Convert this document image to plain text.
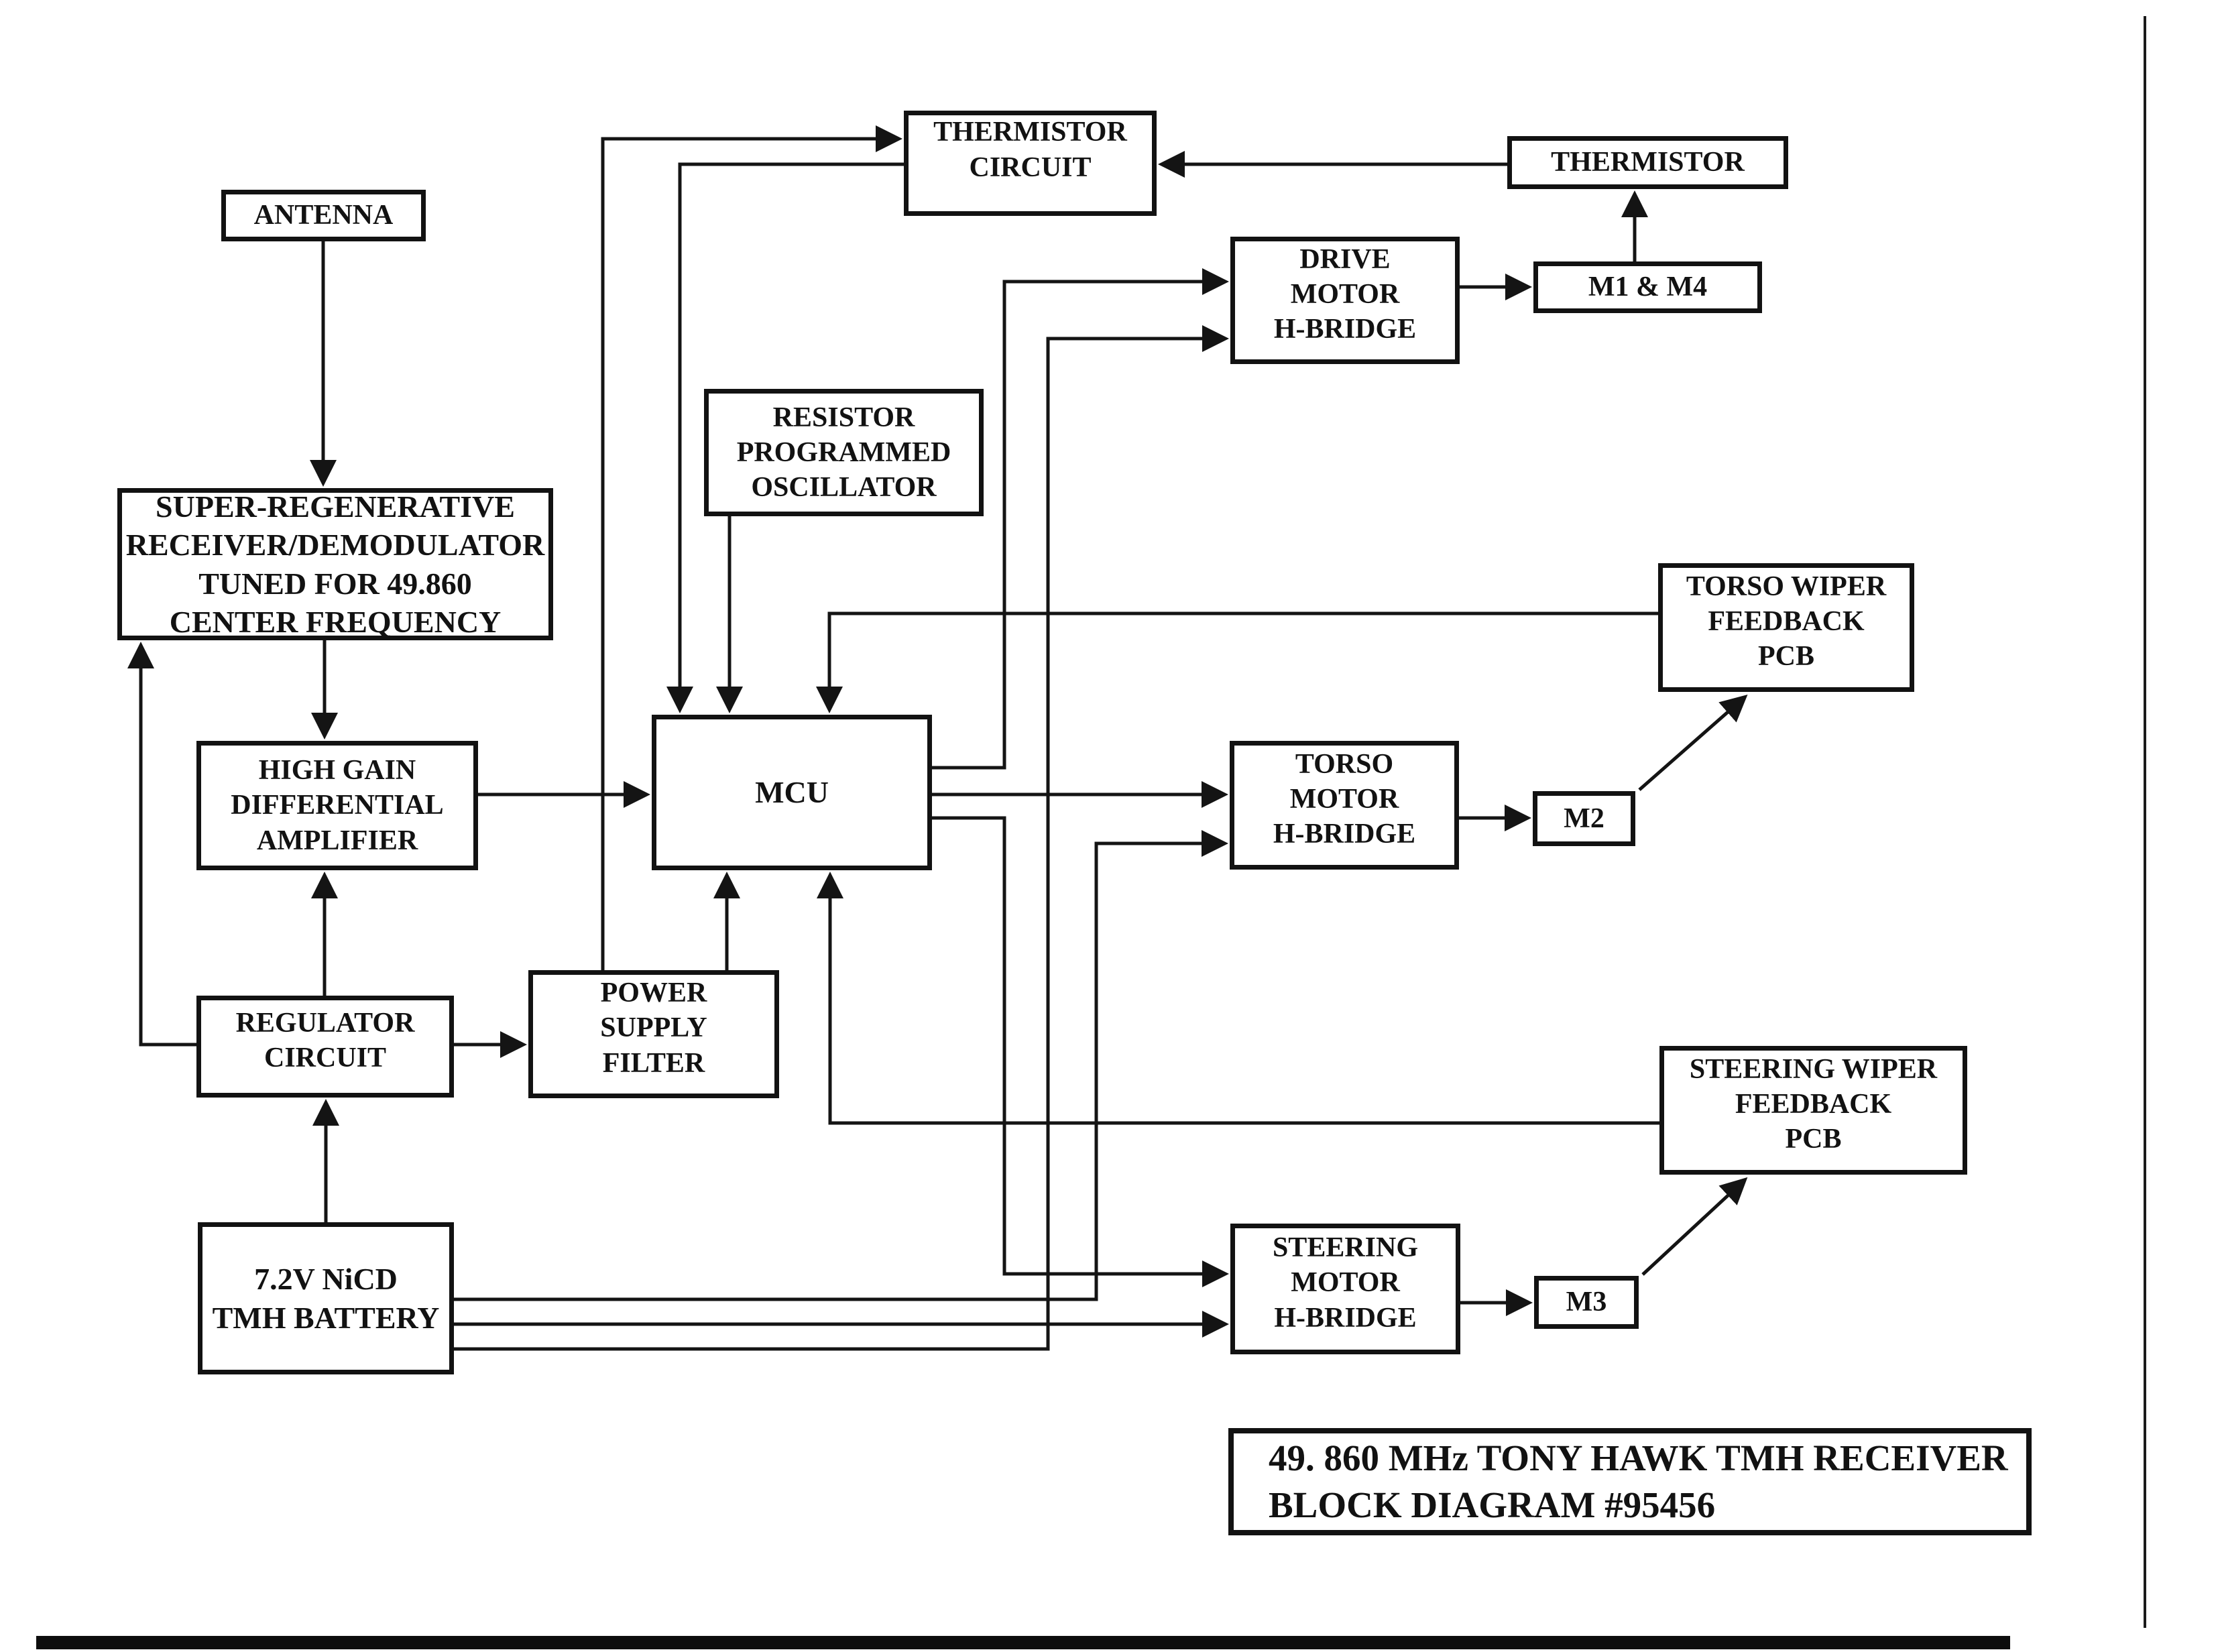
ANTENNA
SUPER-REGENERATIVE
RECEIVER/DEMODULATOR
TUNED FOR 49.860
CENTER FREQUENCY
THERMISTOR
CIRCUIT	THERMISTOR
DRIVE
MOTOR
H-BRIDGE
M1 & M4
RESISTOR
PROGRAMMED
OSCILLATOR
TORSO WIPER
FEEDBACK
PCB
MCU
HIGH GAIN
DIFFERENTIAL
AMPLIFIER
TORSO
MOTOR
H-BRIDGE
M2
POWER
SUPPLY
FILTER
REGULATOR
CIRCUIT	STEERING WIPER
FEEDBACK
PCB
7.2V NiCD
TMH BATTERY
STEERING
MOTOR
H-BRIDGE
M3
49. 860 MHz TONY HAWK TMH RECEIVER
BLOCK DIAGRAM #95456
